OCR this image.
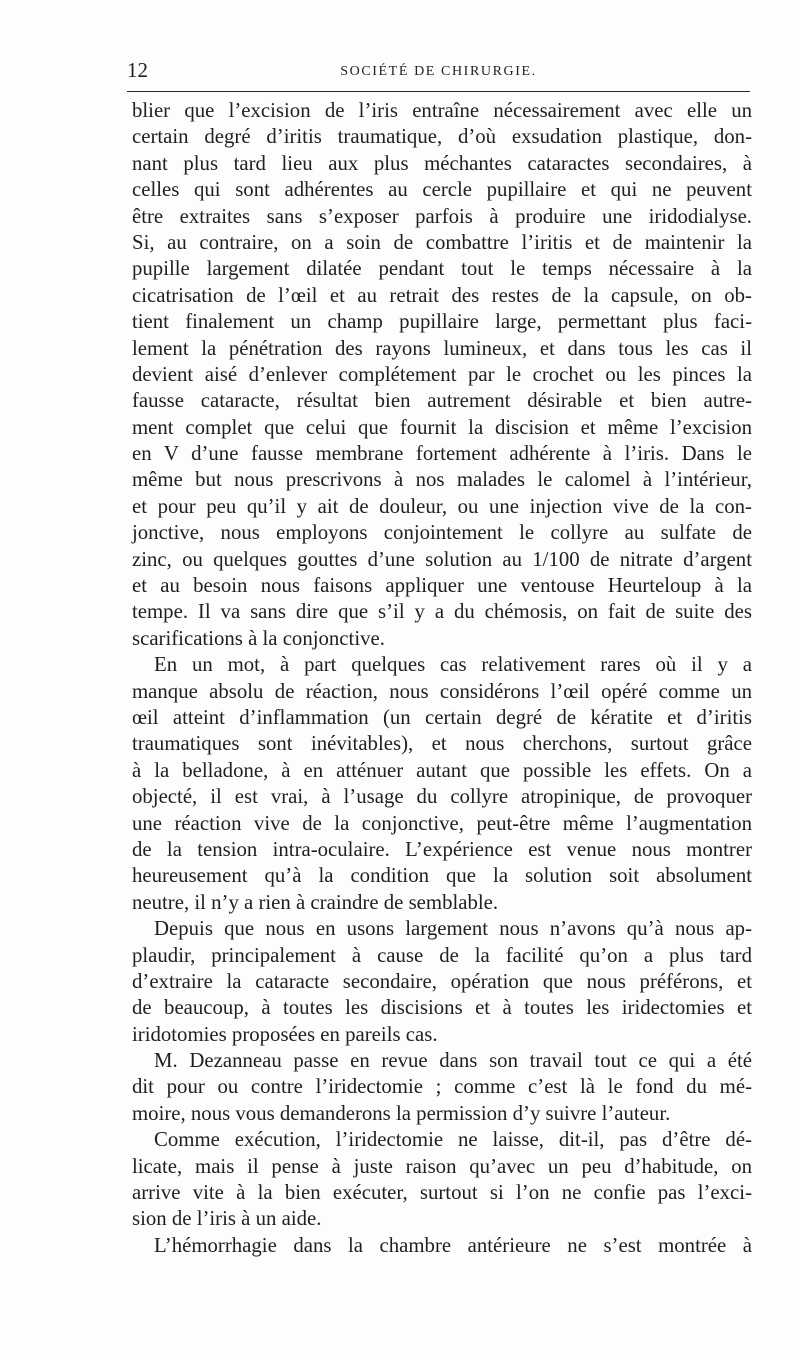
12	SOCIÉTÉ DE CHIRURGIE.
blier que l’excision de l’iris entraîne nécessairement avec elle un
certain degré d’iritis traumatique, d’où exsudation plastique, don-
nant plus tard lieu aux plus méchantes cataractes secondaires, à
celles qui sont adhérentes au cercle pupillaire et qui ne peuvent
être extraites sans s’exposer parfois à produire une iridodialyse.
Si, au contraire, on a soin de combattre l’iritis et de maintenir la
pupille largement dilatée pendant tout le temps nécessaire à la
cicatrisation de l’œil et au retrait des restes de la capsule, on ob-
tient finalement un champ pupillaire large, permettant plus faci-
lement la pénétration des rayons lumineux, et dans tous les cas il
devient aisé d’enlever complétement par le crochet ou les pinces la
fausse cataracte, résultat bien autrement désirable et bien autre-
ment complet que celui que fournit la discision et même l’excision
en V d’une fausse membrane fortement adhérente à l’iris. Dans le
même but nous prescrivons à nos malades le calomel à l’intérieur,
et pour peu qu’il y ait de douleur, ou une injection vive de la con-
jonctive, nous employons conjointement le collyre au sulfate de
zinc, ou quelques gouttes d’une solution au 1/100 de nitrate d’argent
et au besoin nous faisons appliquer une ventouse Heurteloup à la
tempe. Il va sans dire que s’il y a du chémosis, on fait de suite des
scarifications à la conjonctive.
En un mot, à part quelques cas relativement rares où il y a
manque absolu de réaction, nous considérons l’œil opéré comme un
œil atteint d’inflammation (un certain degré de kératite et d’iritis
traumatiques sont inévitables), et nous cherchons, surtout grâce
à la belladone, à en atténuer autant que possible les effets. On a
objecté, il est vrai, à l’usage du collyre atropinique, de provoquer
une réaction vive de la conjonctive, peut-être même l’augmentation
de la tension intra-oculaire. L’expérience est venue nous montrer
heureusement qu’à la condition que la solution soit absolument
neutre, il n’y a rien à craindre de semblable.
Depuis que nous en usons largement nous n’avons qu’à nous ap-
plaudir, principalement à cause de la facilité qu’on a plus tard
d’extraire la cataracte secondaire, opération que nous préférons, et
de beaucoup, à toutes les discisions et à toutes les iridectomies et
iridotomies proposées en pareils cas.
M. Dezanneau passe en revue dans son travail tout ce qui a été
dit pour ou contre l’iridectomie ; comme c’est là le fond du mé-
moire, nous vous demanderons la permission d’y suivre l’auteur.
Comme exécution, l’iridectomie ne laisse, dit-il, pas d’être dé-
licate, mais il pense à juste raison qu’avec un peu d’habitude, on
arrive vite à la bien exécuter, surtout si l’on ne confie pas l’exci-
sion de l’iris à un aide.
L’hémorrhagie dans la chambre antérieure ne s’est montrée à
